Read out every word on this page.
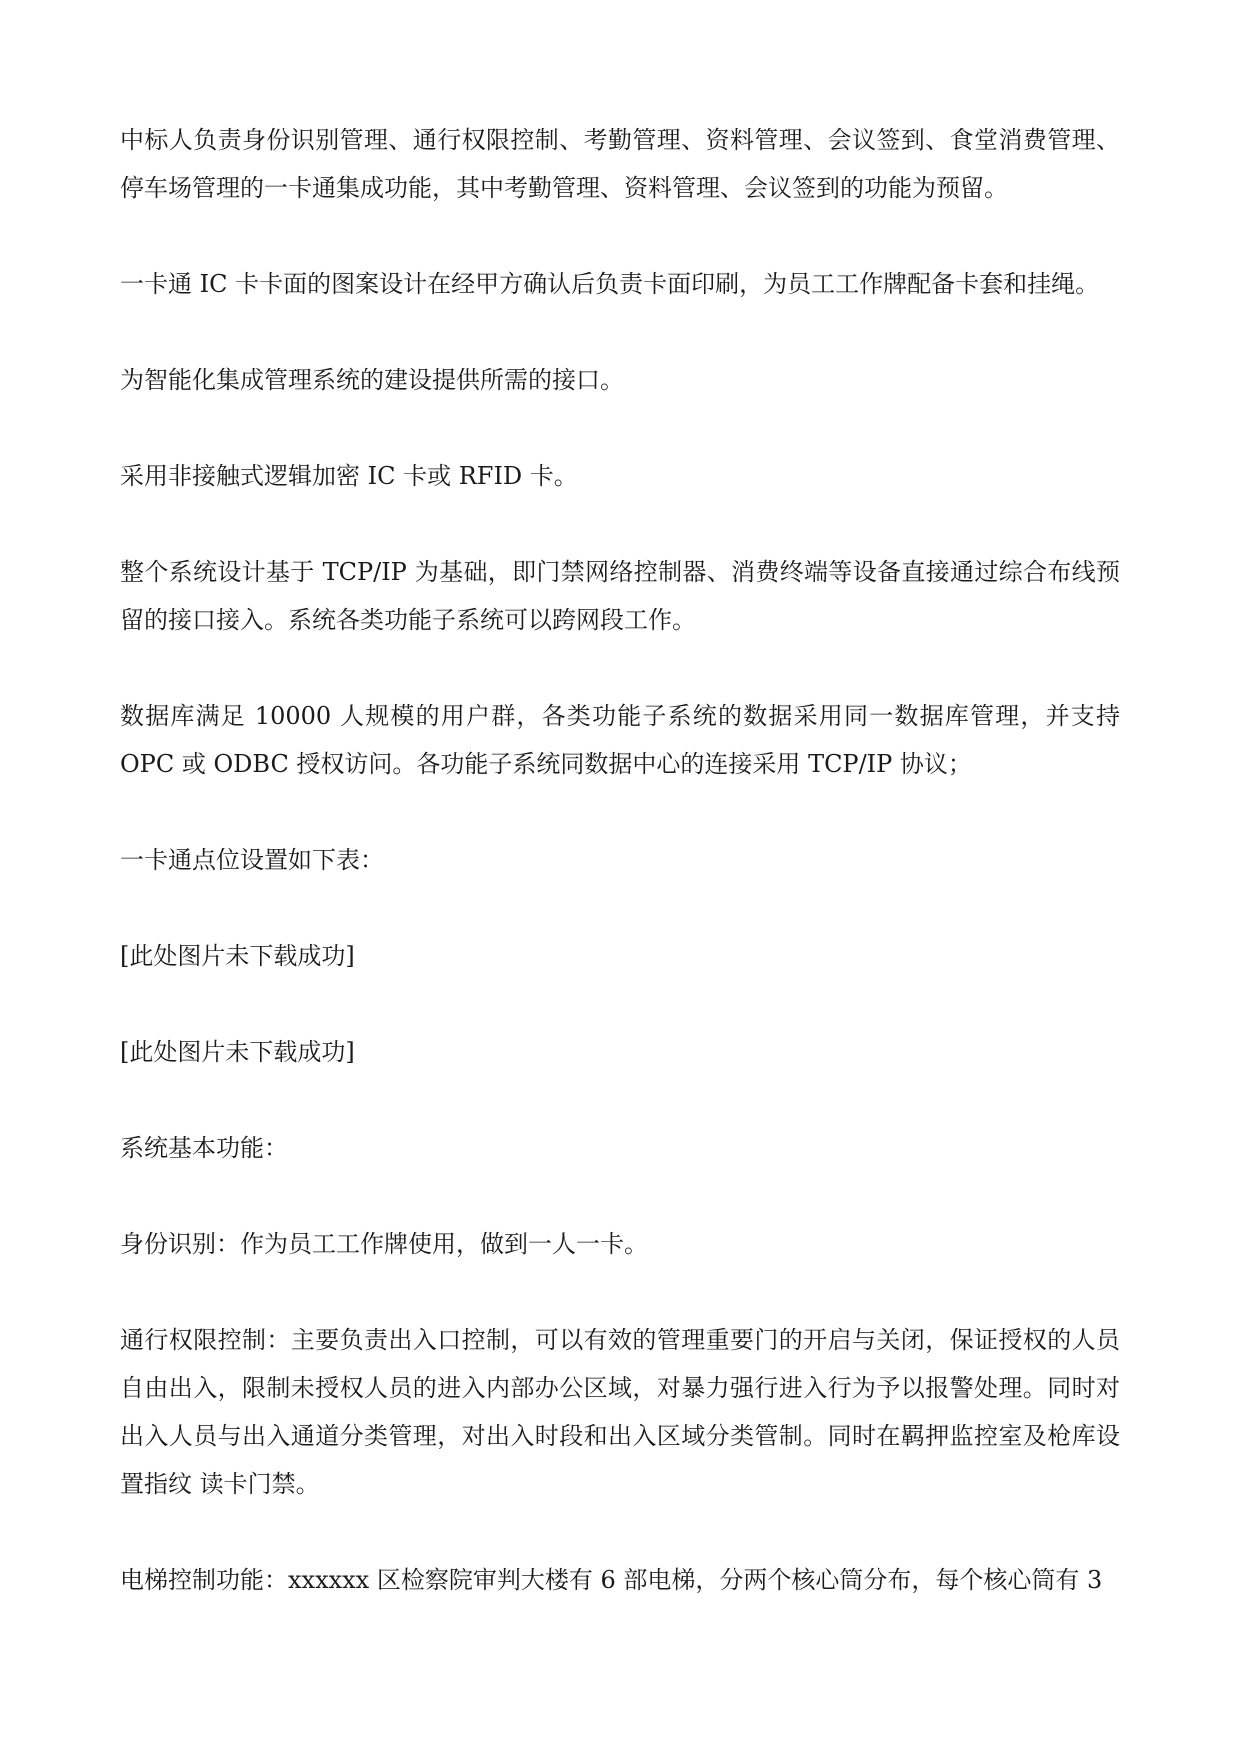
中标人负责身份识别管理、通行权限控制、考勤管理、资料管理、会议签到、食堂消费管理、停车场管理的一卡通集成功能，其中考勤管理、资料管理、会议签到的功能为预留。

一卡通 IC 卡卡面的图案设计在经甲方确认后负责卡面印刷，为员工工作牌配备卡套和挂绳。

为智能化集成管理系统的建设提供所需的接口。

采用非接触式逻辑加密 IC 卡或 RFID 卡。

整个系统设计基于 TCP/IP 为基础，即门禁网络控制器、消费终端等设备直接通过综合布线预留的接口接入。系统各类功能子系统可以跨网段工作。

数据库满足 10000 人规模的用户群，各类功能子系统的数据采用同一数据库管理，并支持 OPC 或 ODBC 授权访问。各功能子系统同数据中心的连接采用 TCP/IP 协议；

一卡通点位设置如下表：

[此处图片未下载成功]

[此处图片未下载成功]

系统基本功能：

身份识别：作为员工工作牌使用，做到一人一卡。

通行权限控制：主要负责出入口控制，可以有效的管理重要门的开启与关闭，保证授权的人员自由出入，限制未授权人员的进入内部办公区域，对暴力强行进入行为予以报警处理。同时对出入人员与出入通道分类管理，对出入时段和出入区域分类管制。同时在羁押监控室及枪库设置指纹 读卡门禁。

电梯控制功能：xxxxxx 区检察院审判大楼有 6 部电梯，分两个核心筒分布，每个核心筒有 3
